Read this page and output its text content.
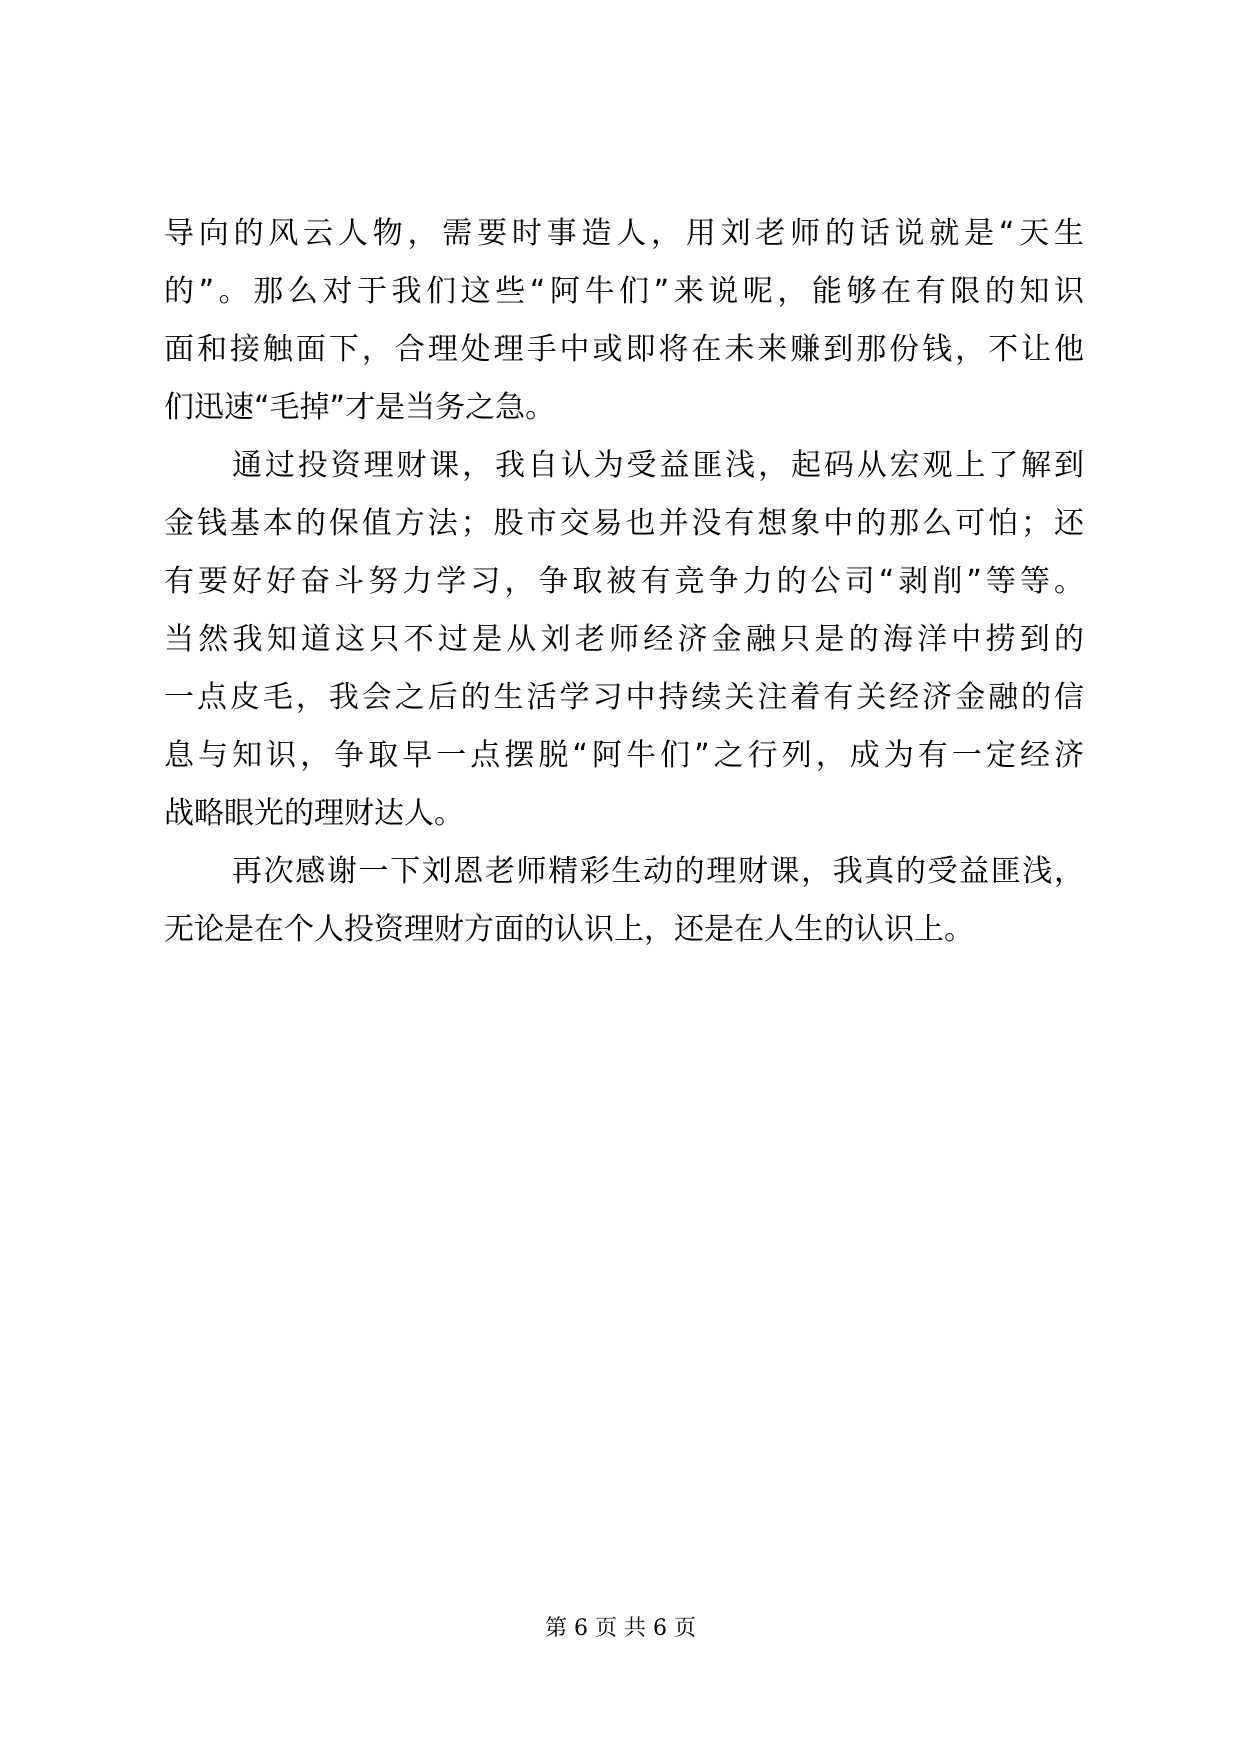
导向的风云人物，需要时事造人，用刘老师的话说就是“天生
的”。那么对于我们这些“阿牛们”来说呢，能够在有限的知识
面和接触面下，合理处理手中或即将在未来赚到那份钱，不让他
们迅速“毛掉”才是当务之急。
通过投资理财课，我自认为受益匪浅，起码从宏观上了解到
金钱基本的保值方法；股市交易也并没有想象中的那么可怕；还
有要好好奋斗努力学习，争取被有竞争力的公司“剥削”等等。
当然我知道这只不过是从刘老师经济金融只是的海洋中捞到的
一点皮毛，我会之后的生活学习中持续关注着有关经济金融的信
息与知识，争取早一点摆脱“阿牛们”之行列，成为有一定经济
战略眼光的理财达人。
再次感谢一下刘恩老师精彩生动的理财课，我真的受益匪浅，
无论是在个人投资理财方面的认识上，还是在人生的认识上。
第 6 页 共 6 页
